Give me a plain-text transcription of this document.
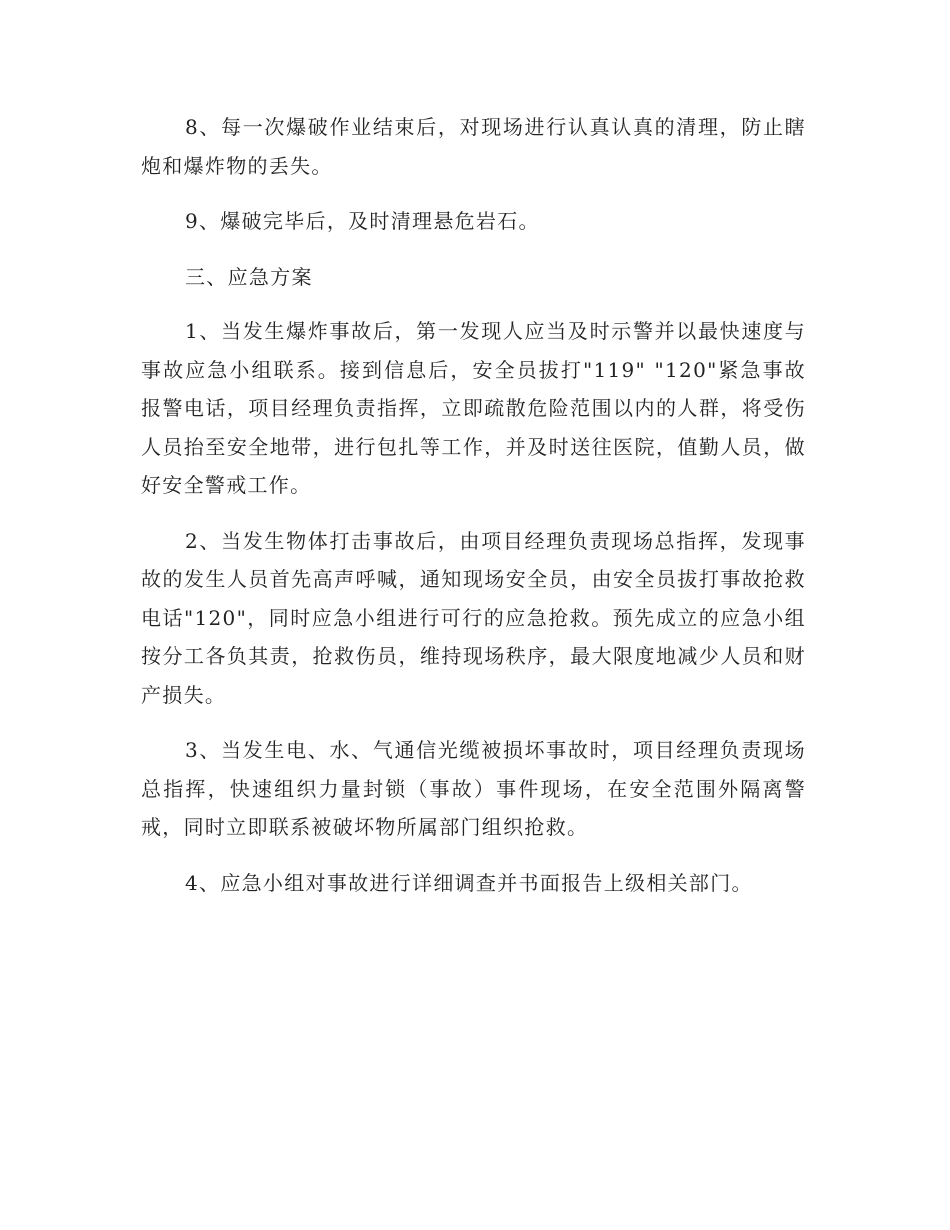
8、每一次爆破作业结束后，对现场进行认真认真的清理，防止瞎炮和爆炸物的丢失。

9、爆破完毕后，及时清理悬危岩石。

三、应急方案

1、当发生爆炸事故后，第一发现人应当及时示警并以最快速度与事故应急小组联系。接到信息后，安全员拔打"119" "120"紧急事故报警电话，项目经理负责指挥，立即疏散危险范围以内的人群，将受伤人员抬至安全地带，进行包扎等工作，并及时送往医院，值勤人员，做好安全警戒工作。

2、当发生物体打击事故后，由项目经理负责现场总指挥，发现事故的发生人员首先高声呼喊，通知现场安全员，由安全员拔打事故抢救电话"120"，同时应急小组进行可行的应急抢救。预先成立的应急小组按分工各负其责，抢救伤员，维持现场秩序，最大限度地减少人员和财产损失。

3、当发生电、水、气通信光缆被损坏事故时，项目经理负责现场总指挥，快速组织力量封锁（事故）事件现场，在安全范围外隔离警戒，同时立即联系被破坏物所属部门组织抢救。

4、应急小组对事故进行详细调查并书面报告上级相关部门。
